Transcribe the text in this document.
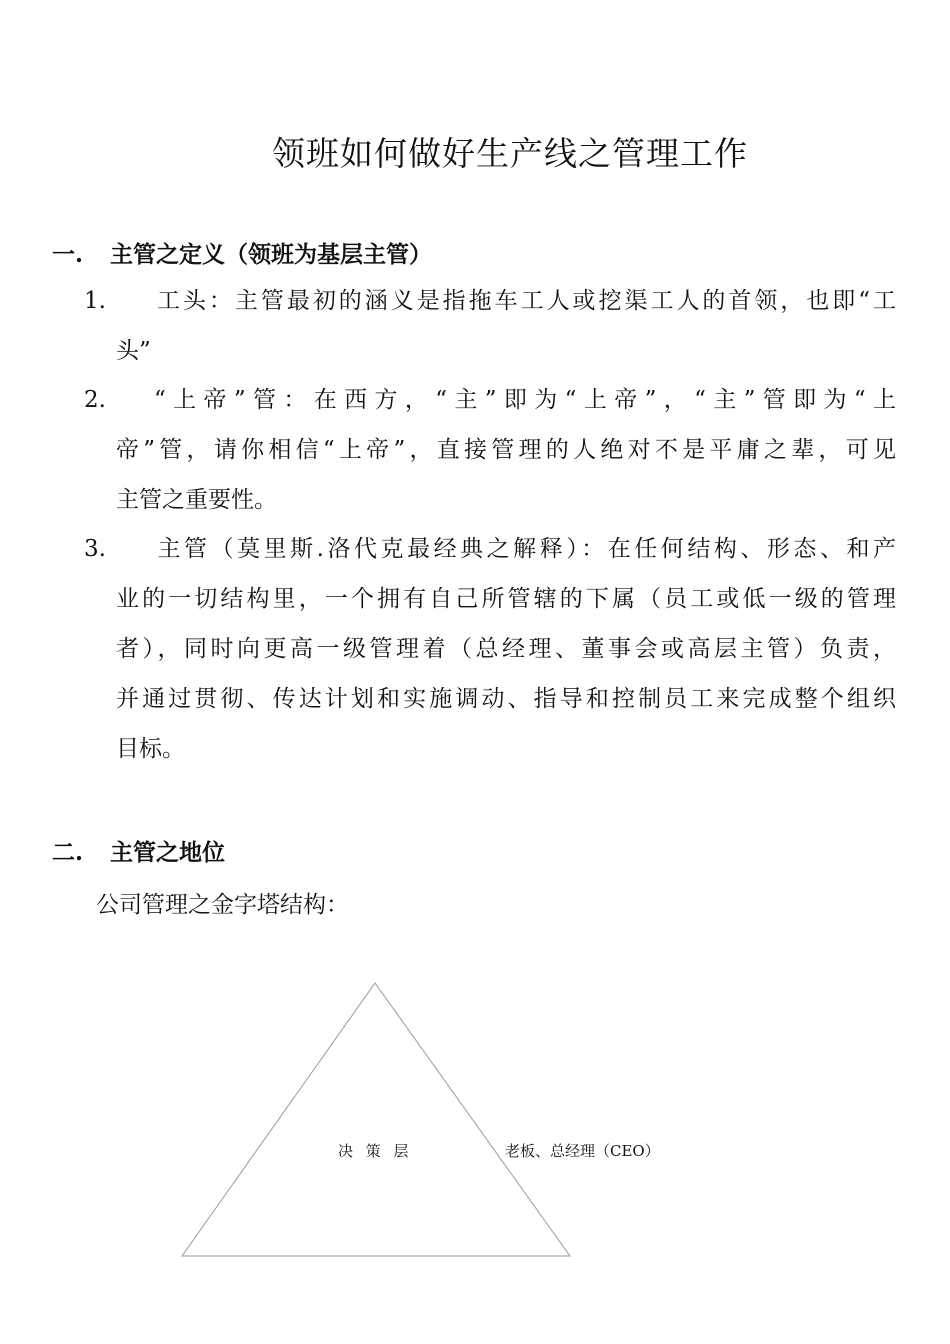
领班如何做好生产线之管理工作
一. 主管之定义（领班为基层主管）
1. 工头：主管最初的涵义是指拖车工人或挖渠工人的首领，也即“工
头”
2. “上帝”管：在西方，“主”即为“上帝”，“主”管即为“上
帝”管，请你相信“上帝”，直接管理的人绝对不是平庸之辈，可见
主管之重要性。
3. 主管（莫里斯.洛代克最经典之解释）：在任何结构、形态、和产
业的一切结构里，一个拥有自己所管辖的下属（员工或低一级的管理
者），同时向更高一级管理着（总经理、董事会或高层主管）负责，
并通过贯彻、传达计划和实施调动、指导和控制员工来完成整个组织
目标。
二. 主管之地位

公司管理之金字塔结构：

决 策 层	老板、总经理（CEO）
